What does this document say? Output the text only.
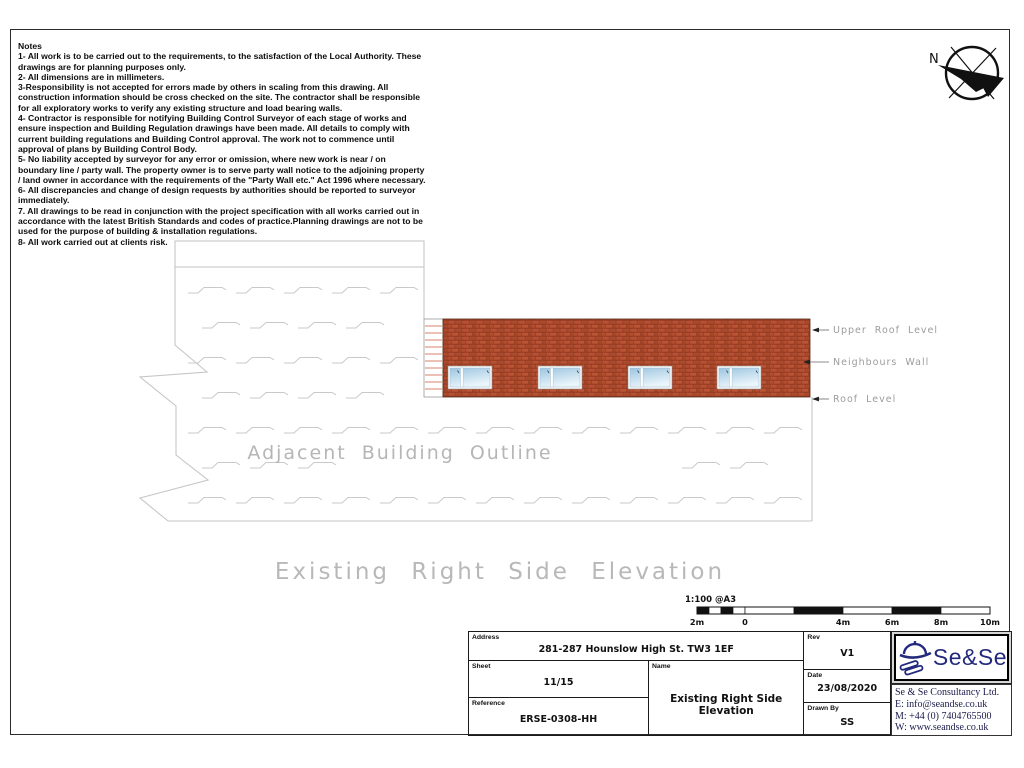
Notes
1- All work is to be carried out to the requirements, to the satisfaction of the Local Authority. These drawings are for planning purposes only.
2- All dimensions are in millimeters.
3-Responsibility is not accepted for errors made by others in scaling from this drawing. All construction information should be cross checked on the site. The contractor shall be responsible for all exploratory works to verify any existing structure and load bearing walls.
4- Contractor is responsible for notifying Building Control Surveyor of each stage of works and ensure inspection and Building Regulation drawings have been made. All details to comply with current building regulations and Building Control approval. The work not to commence until approval of plans by Building Control Body.
5- No liability accepted by surveyor for any error or omission, where new work is near / on boundary line / party wall. The property owner is to serve party wall notice to the adjoining property / land owner in accordance with the requirements of the "Party Wall etc." Act 1996 where necessary.
6- All discrepancies and change of design requests by authorities should be reported to surveyor immediately.
7. All drawings to be read in conjunction with the project specification with all works carried out in accordance with the latest British Standards and codes of practice.Planning drawings are not to be used for the purpose of building & installation regulations.
8- All work carried out at clients risk.
N
Adjacent Building Outline
Upper Roof Level
Neighbours Wall
Roof Level
Existing Right Side Elevation
1:100 @A3
2m	0	4m	6m	8m	10m
Address
281-287 Hounslow High St. TW3 1EF
Sheet
11/15
Reference
ERSE-0308-HH
Name
Existing Right Side Elevation
Rev
V1
Date
23/08/2020
Drawn By
SS
Se&Se
Se & Se Consultancy Ltd.
E: info@seandse.co.uk
M: +44 (0) 7404765500
W: www.seandse.co.uk
